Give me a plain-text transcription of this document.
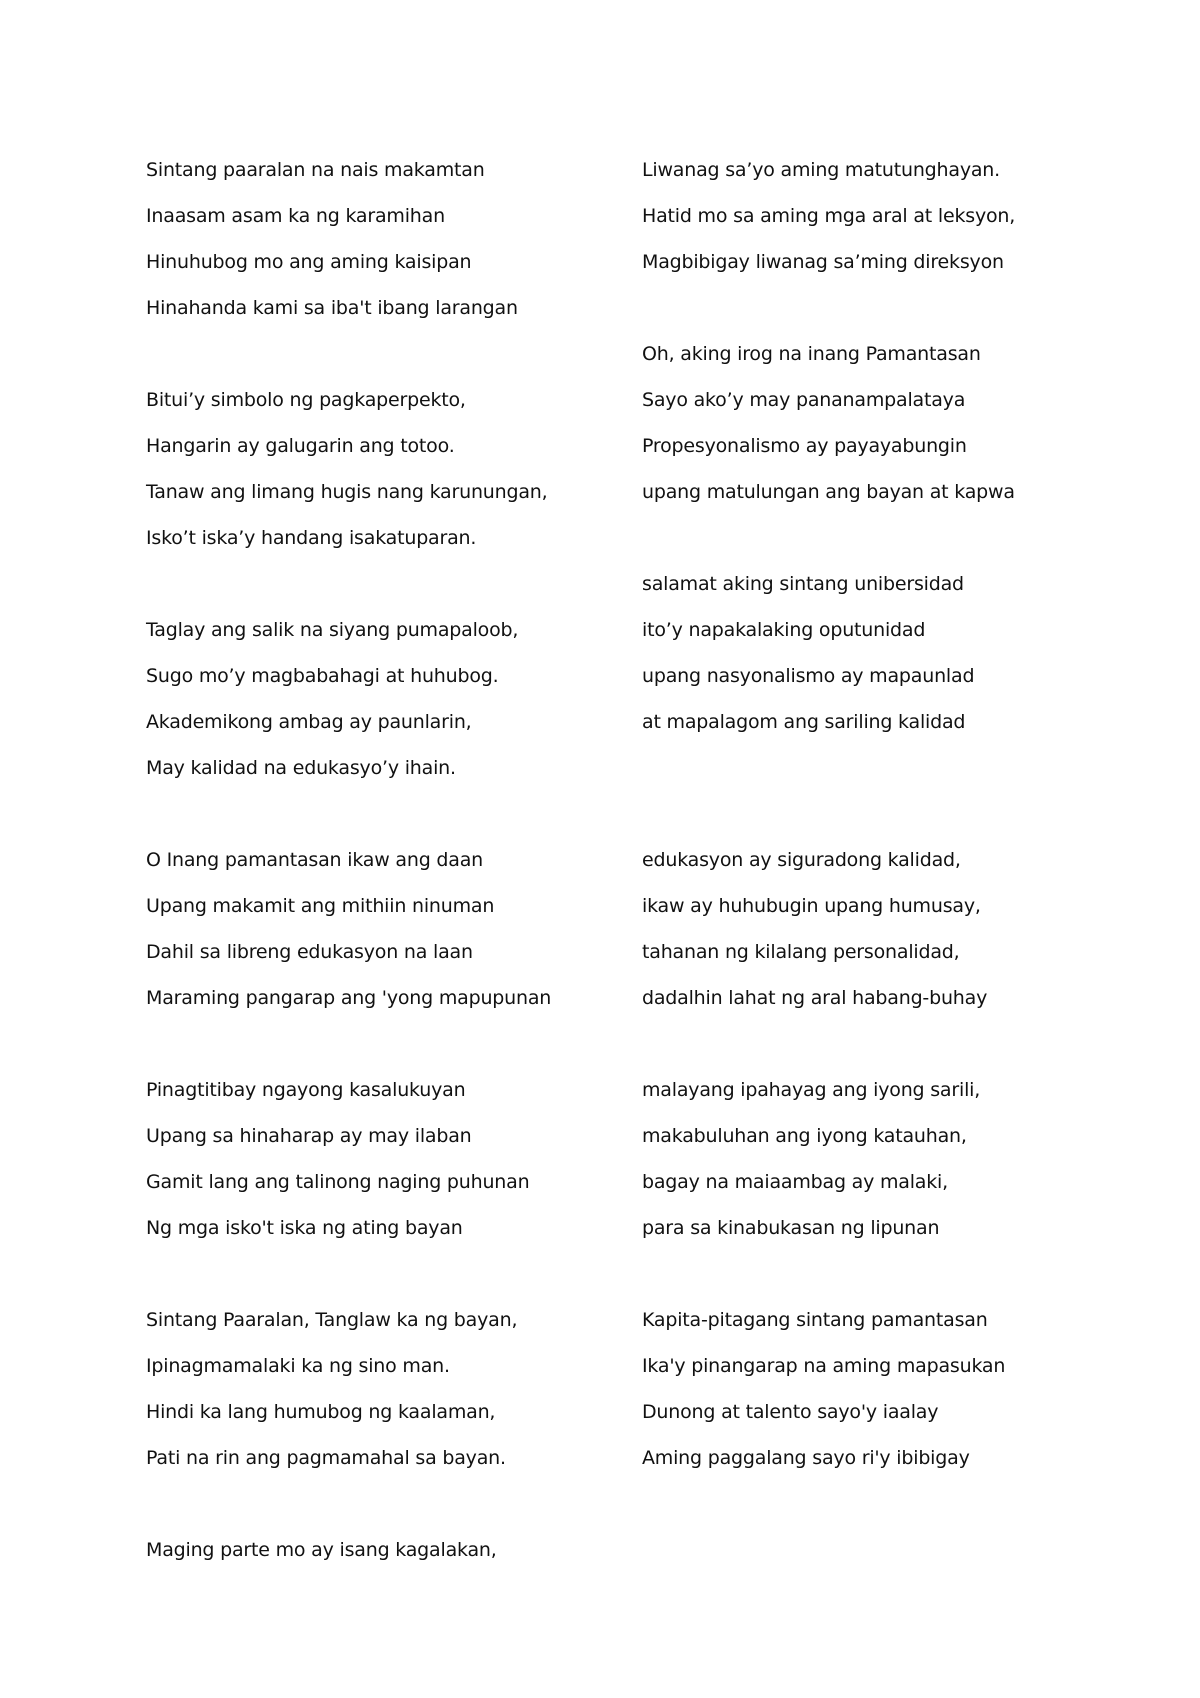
Sintang paaralan na nais makamtan
Inaasam asam ka ng karamihan
Hinuhubog mo ang aming kaisipan
Hinahanda kami sa iba't ibang larangan
Bitui’y simbolo ng pagkaperpekto,
Hangarin ay galugarin ang totoo.
Tanaw ang limang hugis nang karunungan,
Isko’t iska’y handang isakatuparan.
Taglay ang salik na siyang pumapaloob,
Sugo mo’y magbabahagi at huhubog.
Akademikong ambag ay paunlarin,
May kalidad na edukasyo’y ihain.
O Inang pamantasan ikaw ang daan
Upang makamit ang mithiin ninuman
Dahil sa libreng edukasyon na laan
Maraming pangarap ang 'yong mapupunan
Pinagtitibay ngayong kasalukuyan
Upang sa hinaharap ay may ilaban
Gamit lang ang talinong naging puhunan
Ng mga isko't iska ng ating bayan
Sintang Paaralan, Tanglaw ka ng bayan,
Ipinagmamalaki ka ng sino man.
Hindi ka lang humubog ng kaalaman,
Pati na rin ang pagmamahal sa bayan.
Maging parte mo ay isang kagalakan,
Liwanag sa’yo aming matutunghayan.
Hatid mo sa aming mga aral at leksyon,
Magbibigay liwanag sa’ming direksyon
Oh, aking irog na inang Pamantasan
Sayo ako’y may pananampalataya
Propesyonalismo ay payayabungin
upang matulungan ang bayan at kapwa
salamat aking sintang unibersidad
ito’y napakalaking oputunidad
upang nasyonalismo ay mapaunlad
at mapalagom ang sariling kalidad
edukasyon ay siguradong kalidad,
ikaw ay huhubugin upang humusay,
tahanan ng kilalang personalidad,
dadalhin lahat ng aral habang-buhay
malayang ipahayag ang iyong sarili,
makabuluhan ang iyong katauhan,
bagay na maiaambag ay malaki,
para sa kinabukasan ng lipunan
Kapita-pitagang sintang pamantasan
Ika'y pinangarap na aming mapasukan
Dunong at talento sayo'y iaalay
Aming paggalang sayo ri'y ibibigay
